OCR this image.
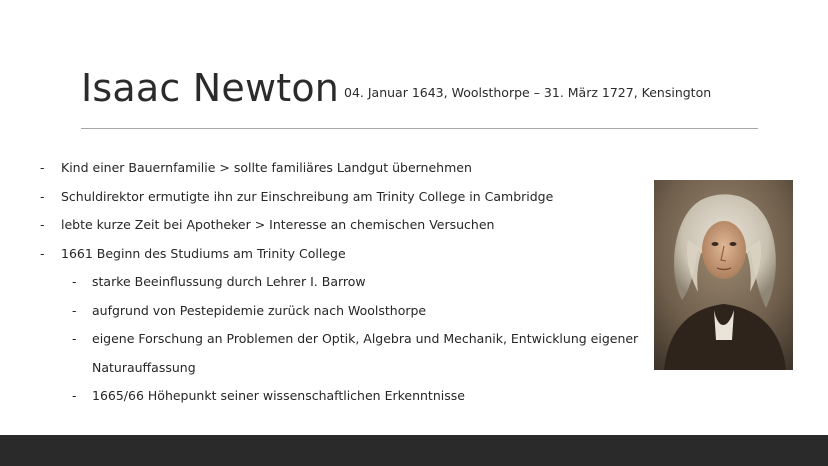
Isaac Newton 04. Januar 1643, Woolsthorpe – 31. März 1727, Kensington
- Kind einer Bauernfamilie > sollte familiäres Landgut übernehmen
- Schuldirektor ermutigte ihn zur Einschreibung am Trinity College in Cambridge
- lebte kurze Zeit bei Apotheker > Interesse an chemischen Versuchen
- 1661 Beginn des Studiums am Trinity College
- starke Beeinflussung durch Lehrer I. Barrow
- aufgrund von Pestepidemie zurück nach Woolsthorpe
- eigene Forschung an Problemen der Optik, Algebra und Mechanik, Entwicklung eigener
Naturauffassung
- 1665/66 Höhepunkt seiner wissenschaftlichen Erkenntnisse
